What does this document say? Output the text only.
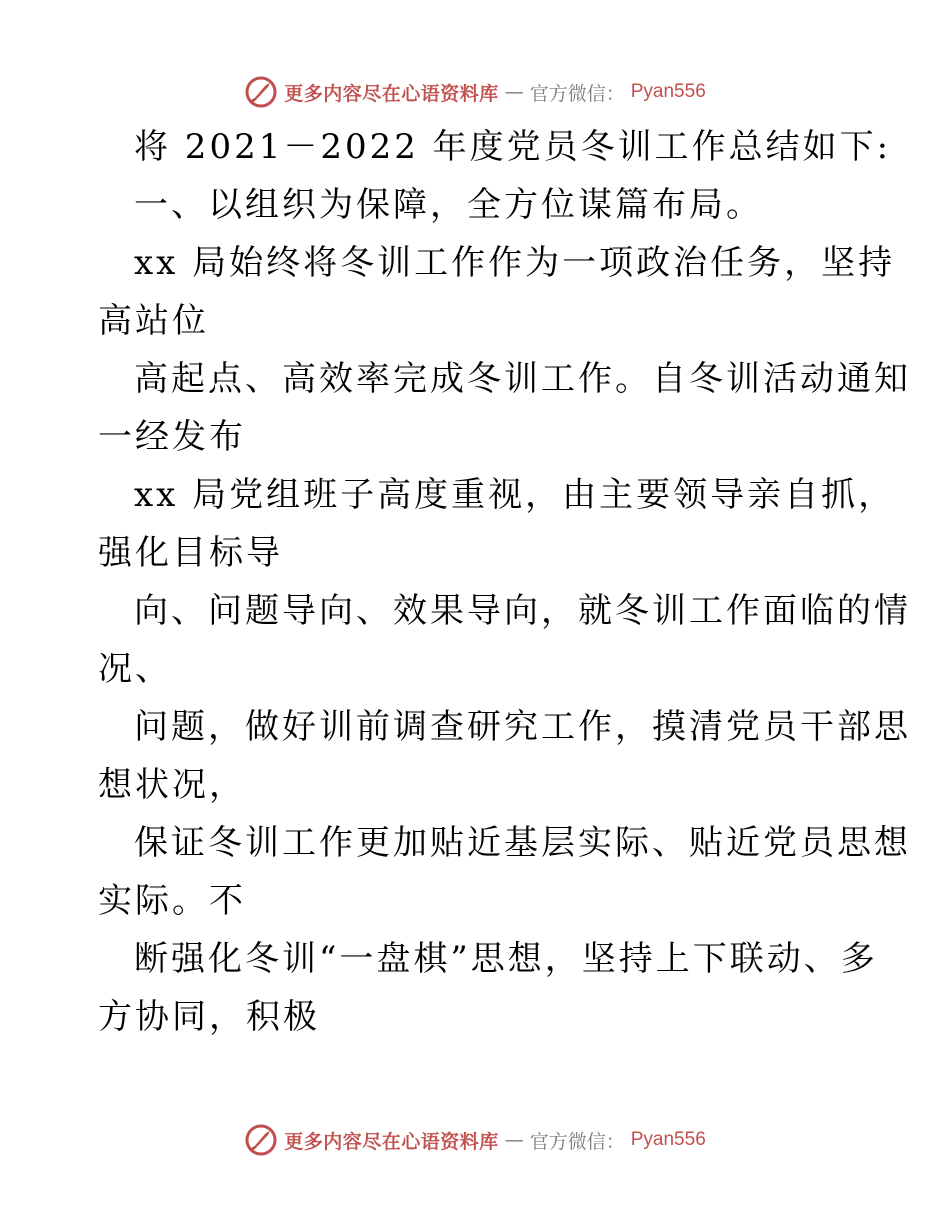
更多内容尽在心语资料库 — 官方微信： Pyan556
将 2021－2022 年度党员冬训工作总结如下:
一、以组织为保障，全方位谋篇布局。
xx 局始终将冬训工作作为一项政治任务，坚持
高站位
高起点、高效率完成冬训工作。自冬训活动通知
一经发布
xx 局党组班子高度重视，由主要领导亲自抓，
强化目标导
向、问题导向、效果导向，就冬训工作面临的情
况、
问题，做好训前调查研究工作，摸清党员干部思
想状况，
保证冬训工作更加贴近基层实际、贴近党员思想
实际。不
断强化冬训“一盘棋”思想，坚持上下联动、多
方协同，积极
更多内容尽在心语资料库 — 官方微信： Pyan556
